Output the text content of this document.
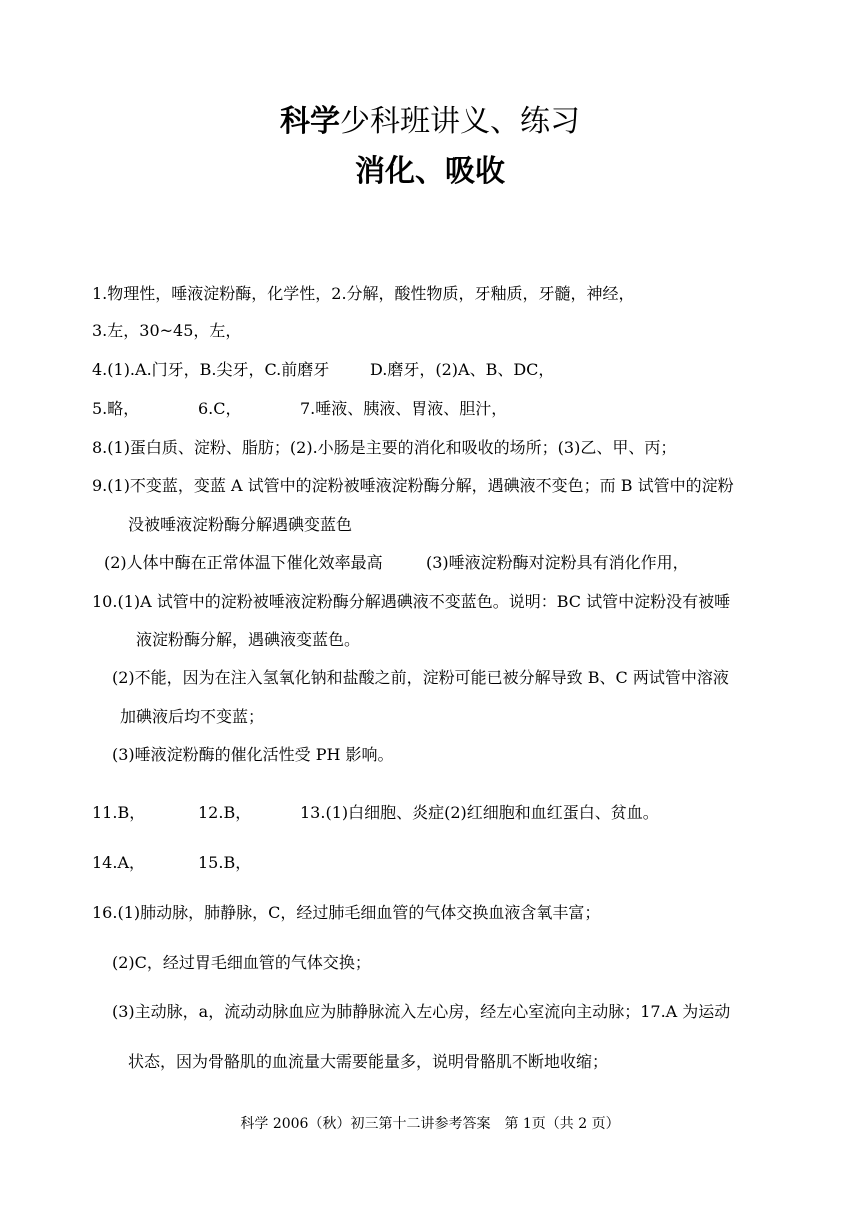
科学少科班讲义、练习
消化、吸收
1.物理性，唾液淀粉酶，化学性，2.分解，酸性物质，牙釉质，牙髓，神经，
3.左，30~45，左，
4.(1).A.门牙，B.尖牙，C.前磨牙	D.磨牙，(2)A、B、DC，
5.略，	6.C，	7.唾液、胰液、胃液、胆汁，
8.(1)蛋白质、淀粉、脂肪；(2).小肠是主要的消化和吸收的场所；(3)乙、甲、丙；
9.(1)不变蓝，变蓝 A 试管中的淀粉被唾液淀粉酶分解，遇碘液不变色；而 B 试管中的淀粉
没被唾液淀粉酶分解遇碘变蓝色
(2)人体中酶在正常体温下催化效率最高	(3)唾液淀粉酶对淀粉具有消化作用，
10.(1)A 试管中的淀粉被唾液淀粉酶分解遇碘液不变蓝色。说明：BC 试管中淀粉没有被唾
液淀粉酶分解，遇碘液变蓝色。
(2)不能，因为在注入氢氧化钠和盐酸之前，淀粉可能已被分解导致 B、C 两试管中溶液
加碘液后均不变蓝；
(3)唾液淀粉酶的催化活性受 PH 影响。
11.B，	12.B，	13.(1)白细胞、炎症(2)红细胞和血红蛋白、贫血。
14.A，	15.B，
16.(1)肺动脉，肺静脉，C，经过肺毛细血管的气体交换血液含氧丰富；
(2)C，经过胃毛细血管的气体交换；
(3)主动脉，a，流动动脉血应为肺静脉流入左心房，经左心室流向主动脉；17.A 为运动
状态，因为骨骼肌的血流量大需要能量多，说明骨骼肌不断地收缩；
科学 2006（秋）初三第十二讲参考答案　第 1页（共 2 页）
